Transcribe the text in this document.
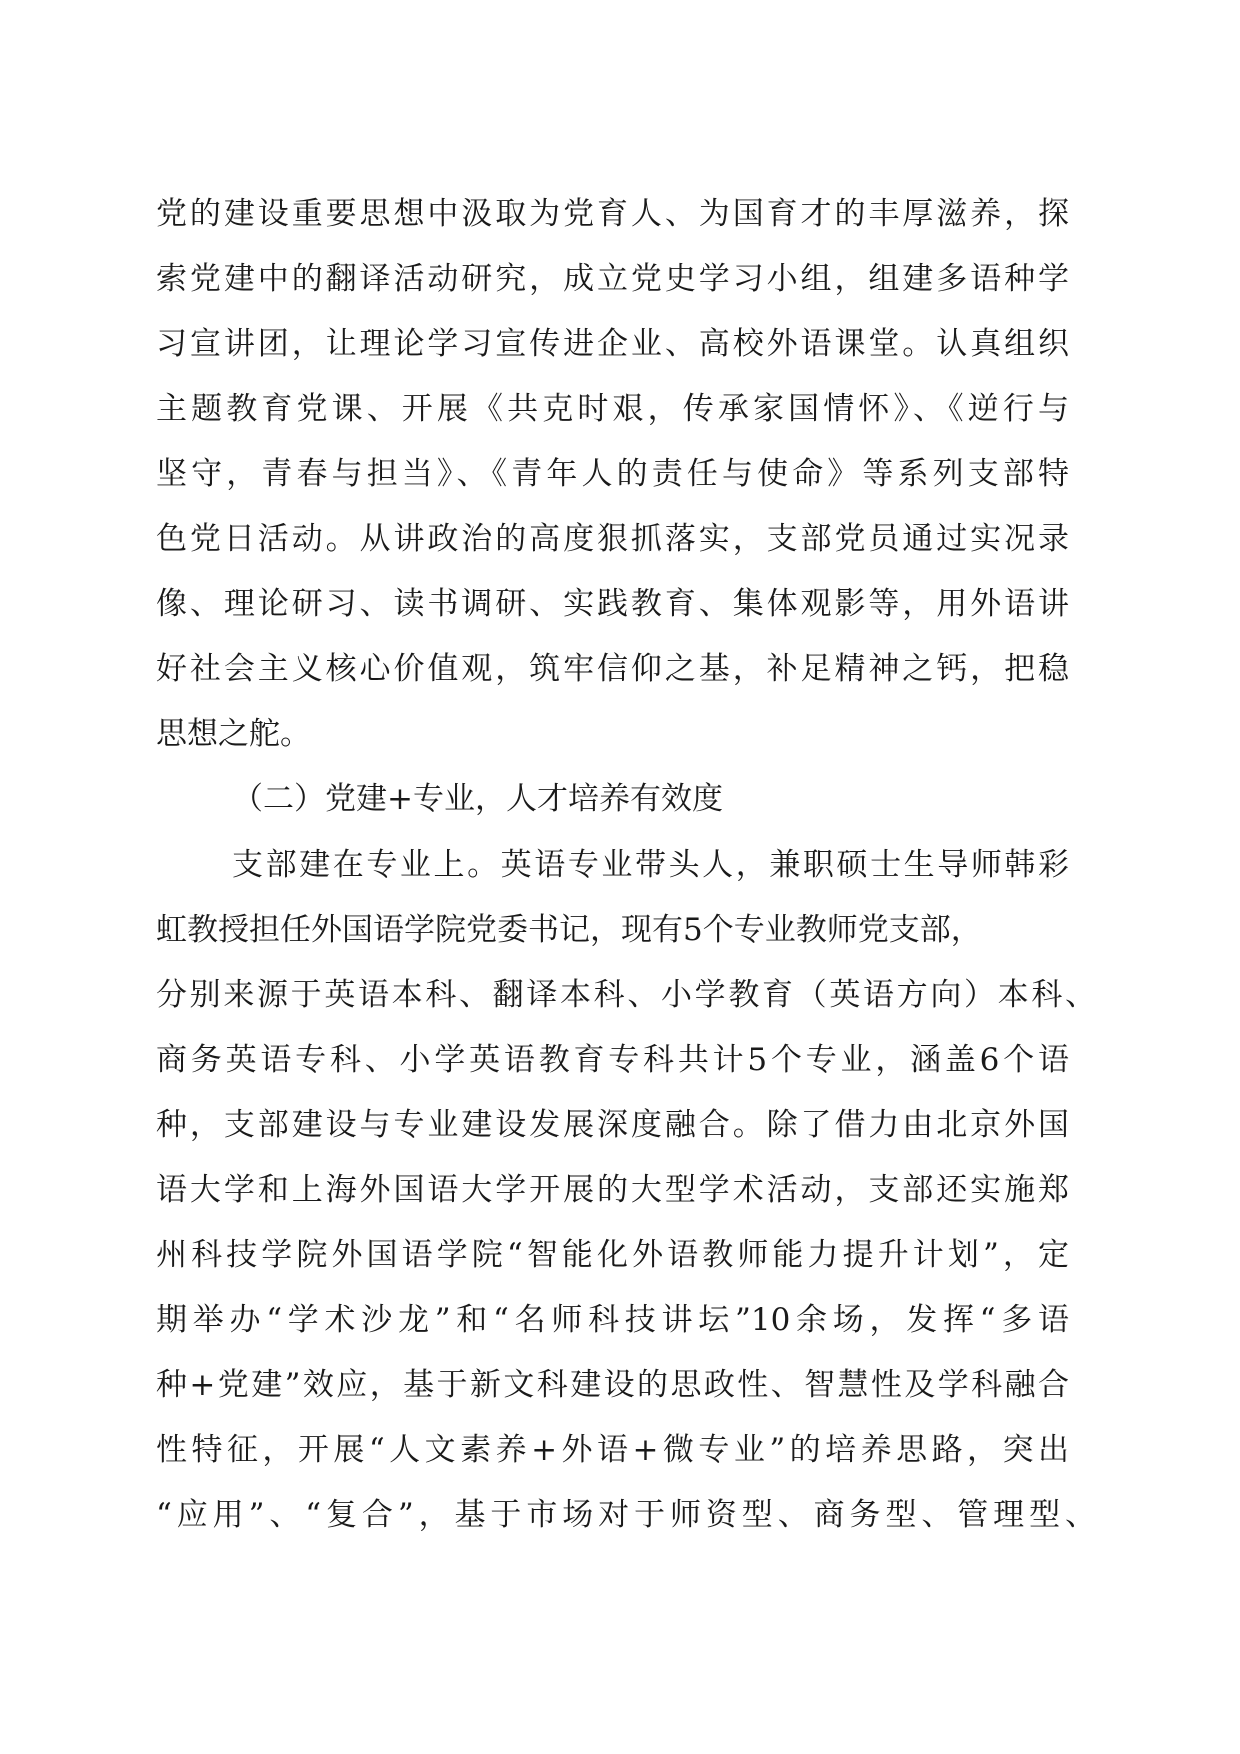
党的建设重要思想中汲取为党育人、为国育才的丰厚滋养，探
索党建中的翻译活动研究，成立党史学习小组，组建多语种学
习宣讲团，让理论学习宣传进企业、高校外语课堂。认真组织
主题教育党课、开展《共克时艰，传承家国情怀》、《逆行与
坚守，青春与担当》、《青年人的责任与使命》等系列支部特
色党日活动。从讲政治的高度狠抓落实，支部党员通过实况录
像、理论研习、读书调研、实践教育、集体观影等，用外语讲
好社会主义核心价值观，筑牢信仰之基，补足精神之钙，把稳
思想之舵。
（二）党建+专业，人才培养有效度
支部建在专业上。英语专业带头人，兼职硕士生导师韩彩
虹教授担任外国语学院党委书记，现有5个专业教师党支部，
分别来源于英语本科、翻译本科、小学教育（英语方向）本科、
商务英语专科、小学英语教育专科共计5个专业，涵盖6个语
种，支部建设与专业建设发展深度融合。除了借力由北京外国
语大学和上海外国语大学开展的大型学术活动，支部还实施郑
州科技学院外国语学院“智能化外语教师能力提升计划”，定
期举办“学术沙龙”和“名师科技讲坛”10余场，发挥“多语
种+党建”效应，基于新文科建设的思政性、智慧性及学科融合
性特征，开展“人文素养+外语+微专业”的培养思路，突出
“应用”、“复合”，基于市场对于师资型、商务型、管理型、
